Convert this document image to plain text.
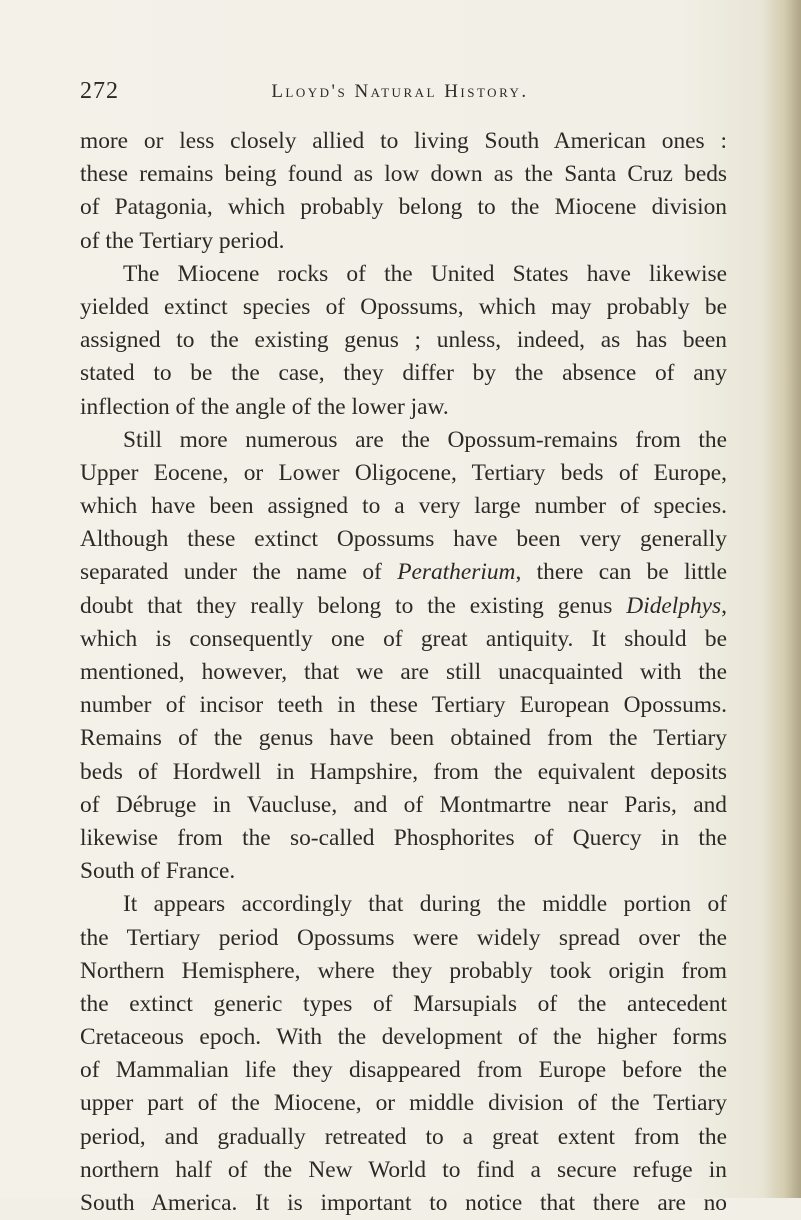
272	Lloyd's Natural History.
more or less closely allied to living South American ones :
these remains being found as low down as the Santa Cruz beds
of Patagonia, which probably belong to the Miocene division
of the Tertiary period.
The Miocene rocks of the United States have likewise
yielded extinct species of Opossums, which may probably be
assigned to the existing genus ; unless, indeed, as has been
stated to be the case, they differ by the absence of any
inflection of the angle of the lower jaw.
Still more numerous are the Opossum-remains from the
Upper Eocene, or Lower Oligocene, Tertiary beds of Europe,
which have been assigned to a very large number of species.
Although these extinct Opossums have been very generally
separated under the name of Peratherium, there can be little
doubt that they really belong to the existing genus Didelphys,
which is consequently one of great antiquity. It should be
mentioned, however, that we are still unacquainted with the
number of incisor teeth in these Tertiary European Opossums.
Remains of the genus have been obtained from the Tertiary
beds of Hordwell in Hampshire, from the equivalent deposits
of Débruge in Vaucluse, and of Montmartre near Paris, and
likewise from the so-called Phosphorites of Quercy in the
South of France.
It appears accordingly that during the middle portion of
the Tertiary period Opossums were widely spread over the
Northern Hemisphere, where they probably took origin from
the extinct generic types of Marsupials of the antecedent
Cretaceous epoch. With the development of the higher forms
of Mammalian life they disappeared from Europe before the
upper part of the Miocene, or middle division of the Tertiary
period, and gradually retreated to a great extent from the
northern half of the New World to find a secure refuge in
South America. It is important to notice that there are no
